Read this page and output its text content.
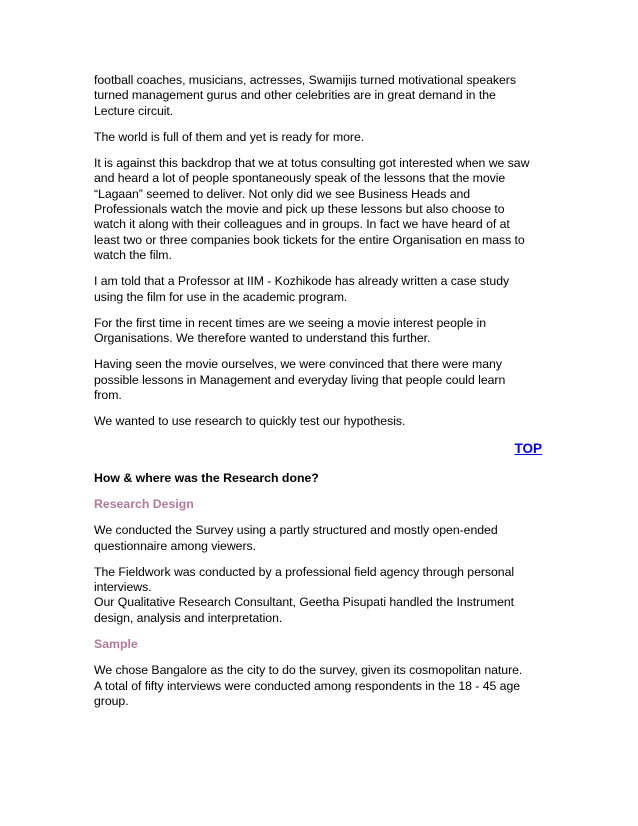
football coaches, musicians, actresses, Swamijis turned motivational speakers
turned management gurus and other celebrities are in great demand in the
Lecture circuit.

The world is full of them and yet is ready for more.

It is against this backdrop that we at totus consulting got interested when we saw
and heard a lot of people spontaneously speak of the lessons that the movie
“Lagaan” seemed to deliver. Not only did we see Business Heads and
Professionals watch the movie and pick up these lessons but also choose to
watch it along with their colleagues and in groups. In fact we have heard of at
least two or three companies book tickets for the entire Organisation en mass to
watch the film.

I am told that a Professor at IIM - Kozhikode has already written a case study
using the film for use in the academic program.

For the first time in recent times are we seeing a movie interest people in
Organisations. We therefore wanted to understand this further.

Having seen the movie ourselves, we were convinced that there were many
possible lessons in Management and everyday living that people could learn
from.

We wanted to use research to quickly test our hypothesis.

TOP

How & where was the Research done?

Research Design

We conducted the Survey using a partly structured and mostly open-ended
questionnaire among viewers.

The Fieldwork was conducted by a professional field agency through personal
interviews.
Our Qualitative Research Consultant, Geetha Pisupati handled the Instrument
design, analysis and interpretation.

Sample

We chose Bangalore as the city to do the survey, given its cosmopolitan nature.
A total of fifty interviews were conducted among respondents in the 18 - 45 age
group.
